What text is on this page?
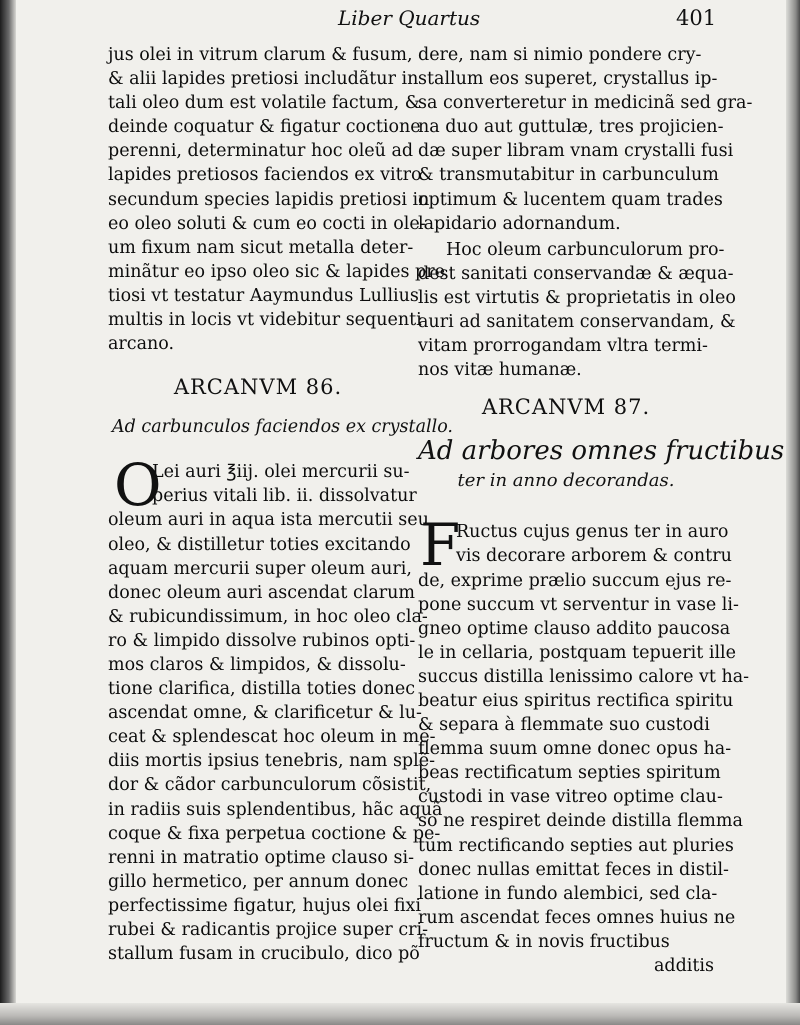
Liber Quartus	401
jus olei in vitrum clarum & fusum,
& alii lapides pretiosi includãtur in
tali oleo dum est volatile factum, &
deinde coquatur & figatur coctione
perenni, determinatur hoc oleũ ad
lapides pretiosos faciendos ex vitro
secundum species lapidis pretiosi in
eo oleo soluti & cum eo cocti in ole-
um fixum nam sicut metalla deter-
minãtur eo ipso oleo sic & lapides pre
tiosi vt testatur Aaymundus Lullius
multis in locis vt videbitur sequenti
arcano.
ARCANVM 86.
Ad carbunculos faciendos ex crystallo.
O
Lei auri ℥iij. olei mercurii su-
perius vitali lib. ii. dissolvatur
oleum auri in aqua ista mercutii seu
oleo, & distilletur toties excitando
aquam mercurii super oleum auri,
donec oleum auri ascendat clarum
& rubicundissimum, in hoc oleo cla-
ro & limpido dissolve rubinos opti-
mos claros & limpidos, & dissolu-
tione clarifica, distilla toties donec
ascendat omne, & clarificetur & lu-
ceat & splendescat hoc oleum in me-
diis mortis ipsius tenebris, nam splẽ-
dor & cãdor carbunculorum cõsistit,
in radiis suis splendentibus, hãc aquã
coque & fixa perpetua coctione & pe-
renni in matratio optime clauso si-
gillo hermetico, per annum donec
perfectissime figatur, hujus olei fixi
rubei & radicantis projice super cri-
stallum fusam in crucibulo, dico põ
dere, nam si nimio pondere cry-
stallum eos superet, crystallus ip-
sa converteretur in medicinã sed gra-
na duo aut guttulæ, tres projicien-
dæ super libram vnam crystalli fusi
& transmutabitur in carbunculum
optimum & lucentem quam trades
lapidario adornandum.
Hoc oleum carbunculorum pro-
dest sanitati conservandæ & æqua-
lis est virtutis & proprietatis in oleo
auri ad sanitatem conservandam, &
vitam prorrogandam vltra termi-
nos vitæ humanæ.
ARCANVM 87.
Ad arbores omnes fructibus
ter in anno decorandas.
F
Ructus cujus genus ter in auro
vis decorare arborem & contru
de, exprime prælio succum ejus re-
pone succum vt serventur in vase li-
gneo optime clauso addito paucosa
le in cellaria, postquam tepuerit ille
succus distilla lenissimo calore vt ha-
beatur eius spiritus rectifica spiritu
& separa à flemmate suo custodi
flemma suum omne donec opus ha-
beas rectificatum septies spiritum
custodi in vase vitreo optime clau-
so ne respiret deinde distilla flemma
tum rectificando septies aut pluries
donec nullas emittat feces in distil-
latione in fundo alembici, sed cla-
rum ascendat feces omnes huius ne
fructum & in novis fructibus
additis
